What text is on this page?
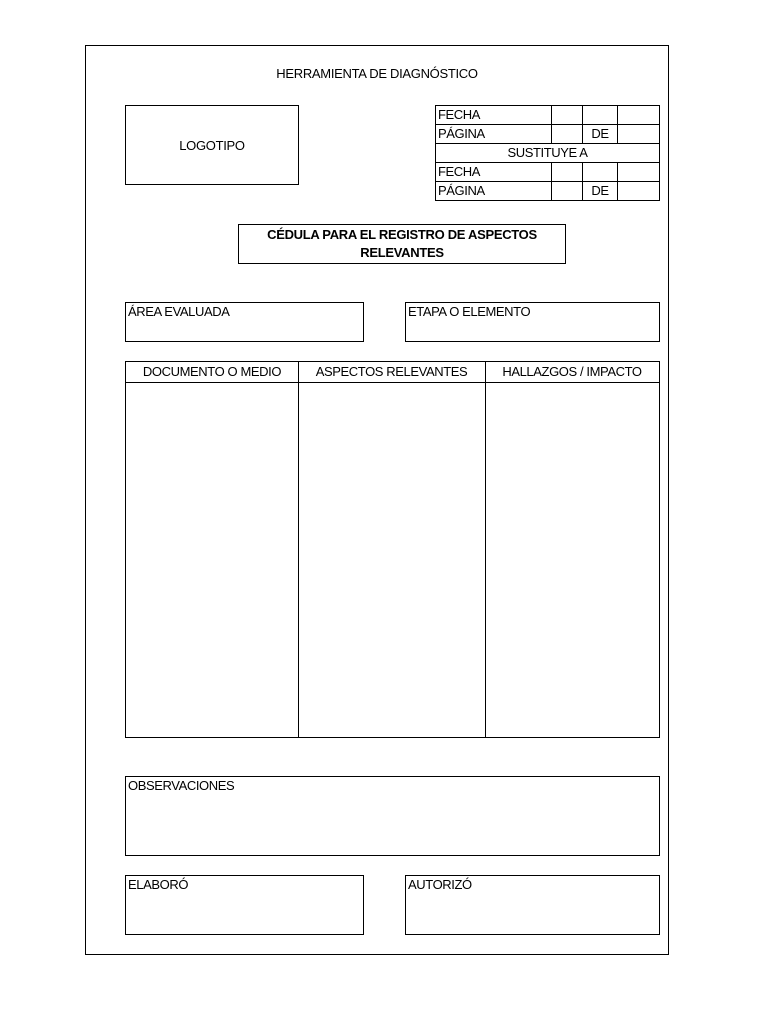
HERRAMIENTA DE DIAGNÓSTICO
LOGOTIPO
FECHA			
PÁGINA		DE	
SUSTITUYE A			
FECHA			
PÁGINA		DE	
CÉDULA PARA EL REGISTRO DE ASPECTOS
RELEVANTES
ÁREA EVALUADA	ETAPA O ELEMENTO
DOCUMENTO O MEDIO	ASPECTOS RELEVANTES	HALLAZGOS / IMPACTO
OBSERVACIONES
ELABORÓ	AUTORIZÓ
